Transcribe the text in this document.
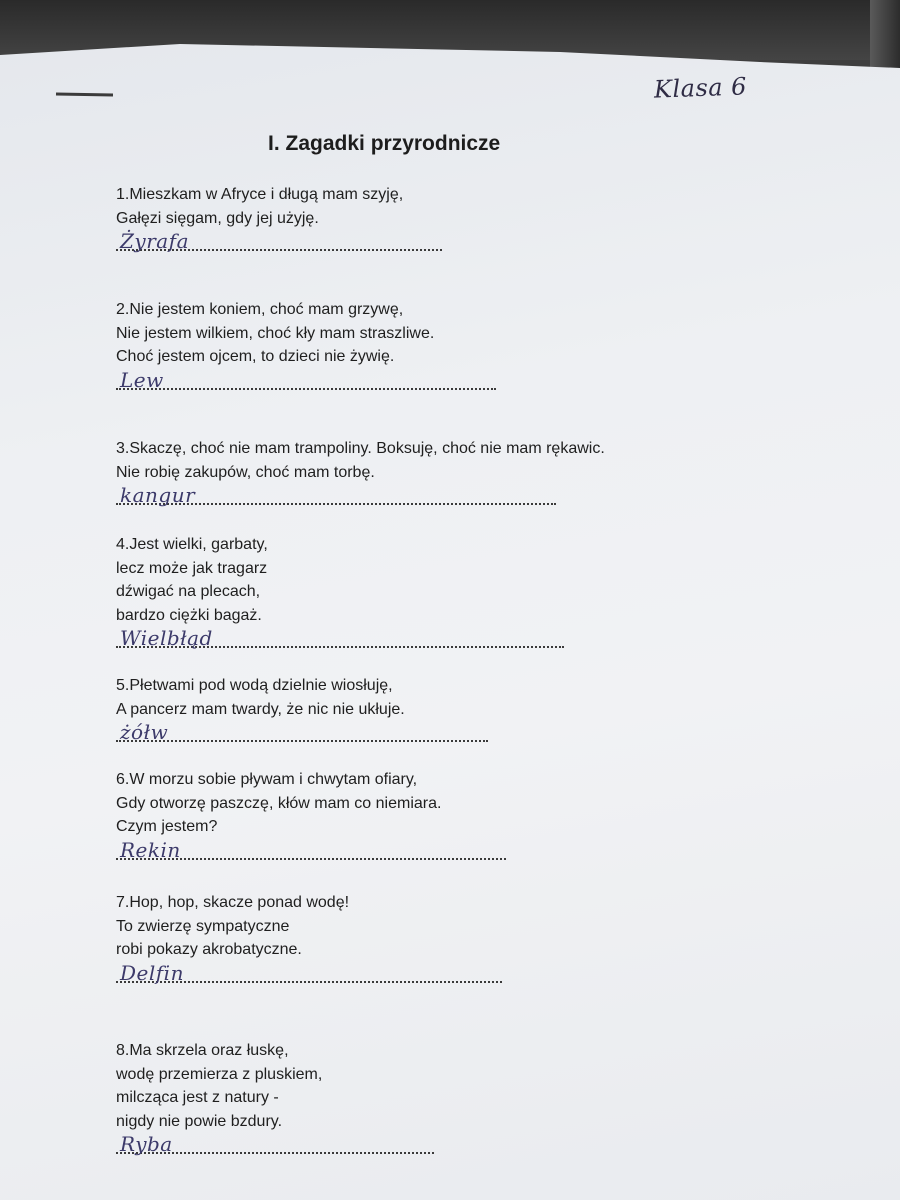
Klasa 6
I. Zagadki przyrodnicze
1.Mieszkam w Afryce i długą mam szyję,
Gałęzi sięgam, gdy jej użyję.
Żyrafa
2.Nie jestem koniem, choć mam grzywę,
Nie jestem wilkiem, choć kły mam straszliwe.
Choć jestem ojcem, to dzieci nie żywię.
Lew
3.Skaczę, choć nie mam trampoliny. Boksuję, choć nie mam rękawic.
Nie robię zakupów, choć mam torbę.
kangur
4.Jest wielki, garbaty,
lecz może jak tragarz
dźwigać na plecach,
bardzo ciężki bagaż.
Wielbłąd
5.Płetwami pod wodą dzielnie wiosłuję,
A pancerz mam twardy, że nic nie ukłuje.
żółw
6.W morzu sobie pływam i chwytam ofiary,
Gdy otworzę paszczę, kłów mam co niemiara.
Czym jestem?
Rekin
7.Hop, hop, skacze ponad wodę!
To zwierzę sympatyczne
robi pokazy akrobatyczne.
Delfin
8.Ma skrzela oraz łuskę,
wodę przemierza z pluskiem,
milcząca jest z natury -
nigdy nie powie bzdury.
Ryba
